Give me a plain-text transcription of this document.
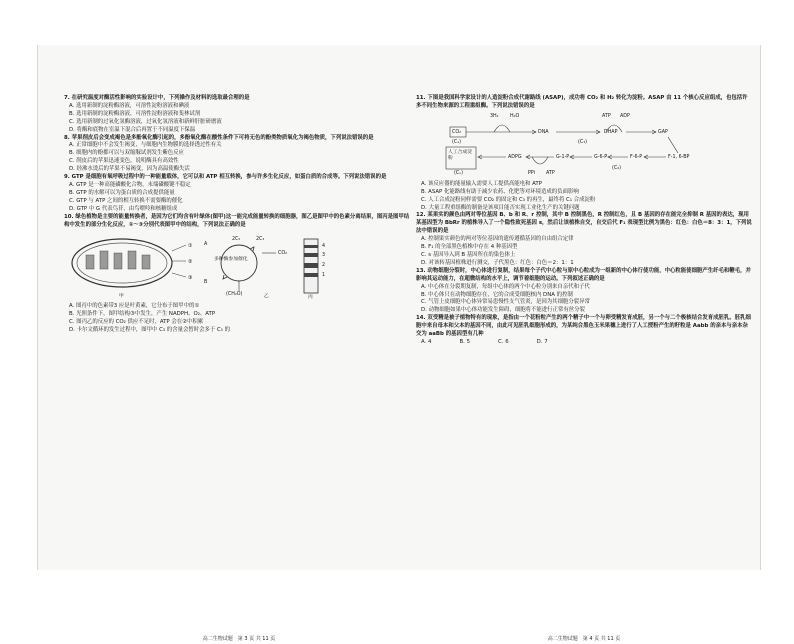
7. 在研究温度对酶活性影响的实验设计中，下列操作及材料的选取最合理的是
A. 选用新制的淀粉酶溶液，可溶性淀粉溶液和碘液
B. 选用新制的淀粉酶溶液，可溶性淀粉溶液和斐林试剂
C. 选用新制的过氧化氢酶溶液，过氧化氢溶液和新鲜肝脏研磨液
D. 将酶和底物在室温下混合后再置于不同温度下保温
8. 苹果削皮后会变成褐色是多酚氧化酶引起的，多酚氧化酶在酸性条件下可将无色的酚类物质氧化为褐色物质，下列说法错误的是
A. 正常细胞中不会发生褐变，与细胞内生物膜的选择透过性有关
B. 细胞内的酚都可以与双缩脲试剂发生紫色反应
C. 削皮后的苹果迅速变色，说明酶具有高效性
D. 经沸水烫后的苹果不易褐变，因为高温使酶失活
9. GTP 是细胞有氧呼吸过程中的一种能量载体，它可以和 ATP 相互转换，参与许多生化反应，如蛋白质的合成等。下列说法错误的是
A. GTP 是一种高能磷酸化合物，末端磷酸键不稳定
B. GTP 的水解可以为蛋白质的合成提供能量
C. GTP 与 ATP 之间的相互转换不需要酶的催化
D. GTP 中 G 代表鸟苷，由鸟嘌呤和核糖组成
10. 绿色植物是主要的能量转换者，是因为它们均含有叶绿体(图甲)这一能完成能量转换的细胞器，图乙是图甲中的色素分离结果，图丙是图甲结构中发生的部分生化反应，①～③分别代表图甲中的结构，下列说法正确的是
①
②
③
多种酶参加催化
2C₅	2C₃
CO₂
(CH₂O)
A
B
4
3
2
1
甲	乙	丙
A. 图丙中的色素带3 应是叶黄素，它分布于图甲中的①
B. 光照条件下，图甲结构③中发生，产生 NADPH、O₂、ATP
C. 图丙乙的反应的 CO₂ 供应不足时，ATP 会在②中积累
D. 卡尔文循环的发生过程中，图甲中 C₃ 的含量会暂时会多于 C₅ 的
高二生物试题　第 3 页 共 11 页
11. 下图是我国科学家设计的人造淀粉合成代谢路线 (ASAP)，成功将 CO₂ 和 H₂ 转化为淀粉。ASAP 由 11 个核心反应组成，也包括许多不同生物来源的工程重组酶。下列说法错误的是
CO₂
(C₁)
3H₂ H₂O
DNA
(C₃)
ATP ADP
DHAP	GAP
F-1, 6-BP
F-6-P
G-6-P
G-1-P
ADPG
PPi ATP
人工合成淀粉
(Cₙ)
(C₆)
A. 该反应器的能量输入需要人工提供高能电和 ATP
B. ASAP 化能路线有助于减少农药、化肥等对环境造成的负面影响
C. 人工合成淀粉同样需要 CO₂ 的固定和 C₃ 的再生，最终将 C₁ 合成淀粉
D. 大量工程重组酶的制备是该项目能否实现工业化生产的关键问题
12. 某果实的颜色由两对等位基因 B、b 和 R、r 控制，其中 B 控制黑色，R 控制红色，且 B 基因的存在能完全抑制 R 基因的表达，现用某基因型为 BbRr 的植株导入了一个隐性致死基因 s，然后让该植株自交，自交后代 F₁ 表现型比例为黑色：红色：白色＝8：3：1，下列说法中错误的是
A. 控制果实颜色的两对等位基因的遗传遵循基因的自由组合定律
B. F₁ 的全部黑色植株中存在 4 种基因型
C. s 基因导入到 B 基因所在的染色体上
D. 对该转基因植株进行测交，子代黑色：红色：白色＝2：1：1
13. 动物细胞分裂时，中心体进行复制，结果每个子代中心粒与原中心粒成为一组新的中心体行使功能，中心粒能使细胞产生纤毛和鞭毛，并影响其运动能力，在超微结构的水平上，调节着细胞的运动。下列叙述正确的是
A. 中心体在分裂期复制，每组中心体的两个中心粒分别来自亲代和子代
B. 中心体只在动物细胞存在，它的合成受细胞核内 DNA 的控制
C. 气管上皮细胞中心体异常易患慢性支气管炎，是因为其细胞分裂异常
D. 动物细胞如果中心体功能发生障碍，细胞将不能进行正常有丝分裂
14. 双受精是被子植物特有的现象，是指由一个花粉粒产生的两个精子中一个与卵受精发育成胚，另一个与二个极核结合发育成胚乳。胚乳细胞中来自母本和父本的基因不同，由此可见胚乳细胞形成的，为某纯合黑色玉米果穗上进行了人工授粉产生的籽粒是 Aabb 的亲本与亲本杂交为 aaBb 的基因型有几种
A. 4	B. 5	C. 6	D. 7
高二生物试题　第 4 页 共 11 页
